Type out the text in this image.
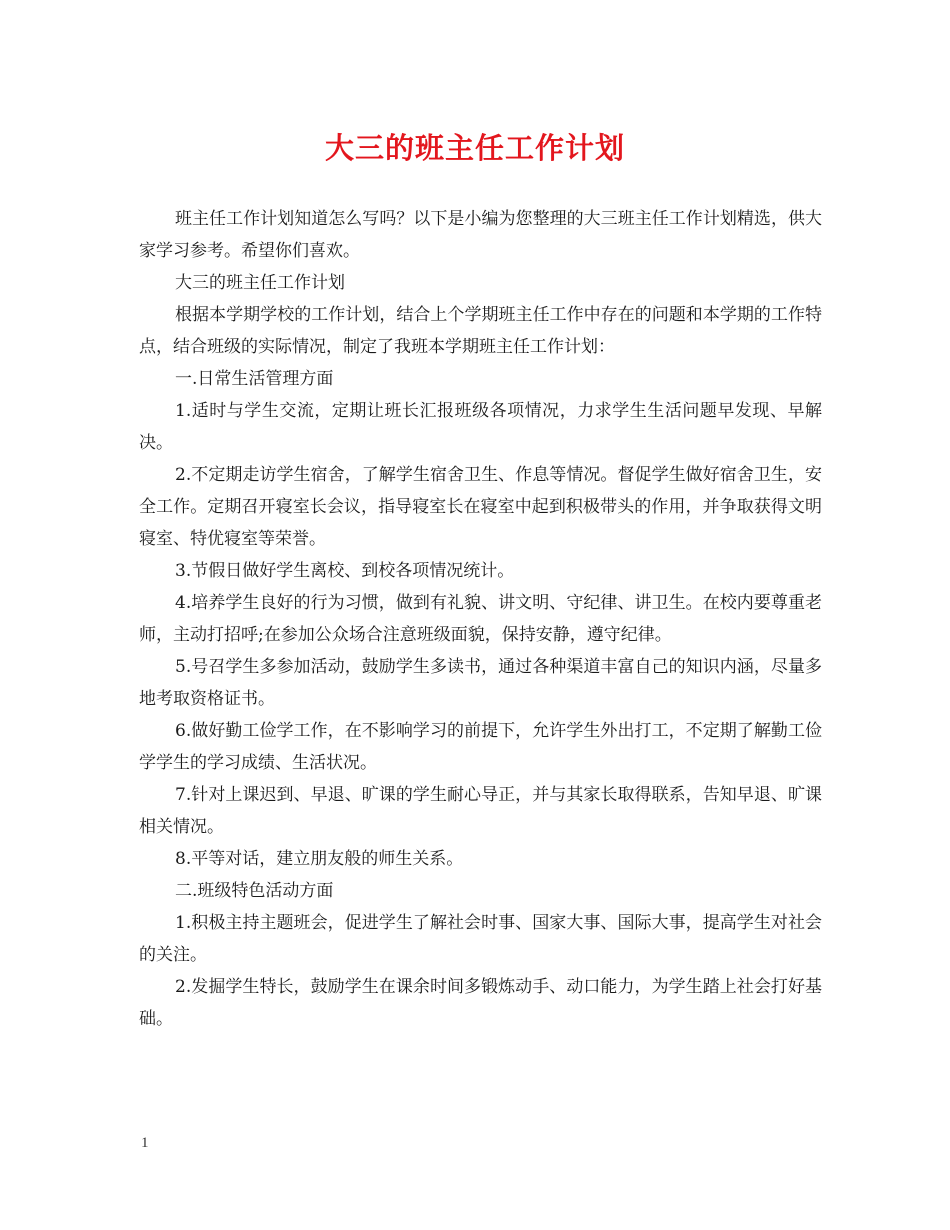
大三的班主任工作计划

班主任工作计划知道怎么写吗？以下是小编为您整理的大三班主任工作计划精选，供大家学习参考。希望你们喜欢。

大三的班主任工作计划

根据本学期学校的工作计划，结合上个学期班主任工作中存在的问题和本学期的工作特点，结合班级的实际情况，制定了我班本学期班主任工作计划：

一.日常生活管理方面

1.适时与学生交流，定期让班长汇报班级各项情况，力求学生生活问题早发现、早解决。

2.不定期走访学生宿舍，了解学生宿舍卫生、作息等情况。督促学生做好宿舍卫生，安全工作。定期召开寝室长会议，指导寝室长在寝室中起到积极带头的作用，并争取获得文明寝室、特优寝室等荣誉。

3.节假日做好学生离校、到校各项情况统计。

4.培养学生良好的行为习惯，做到有礼貌、讲文明、守纪律、讲卫生。在校内要尊重老师，主动打招呼;在参加公众场合注意班级面貌，保持安静，遵守纪律。

5.号召学生多参加活动，鼓励学生多读书，通过各种渠道丰富自己的知识内涵，尽量多地考取资格证书。

6.做好勤工俭学工作，在不影响学习的前提下，允许学生外出打工，不定期了解勤工俭学学生的学习成绩、生活状况。

7.针对上课迟到、早退、旷课的学生耐心导正，并与其家长取得联系，告知早退、旷课相关情况。

8.平等对话，建立朋友般的师生关系。

二.班级特色活动方面

1.积极主持主题班会，促进学生了解社会时事、国家大事、国际大事，提高学生对社会的关注。

2.发掘学生特长，鼓励学生在课余时间多锻炼动手、动口能力，为学生踏上社会打好基础。

1
